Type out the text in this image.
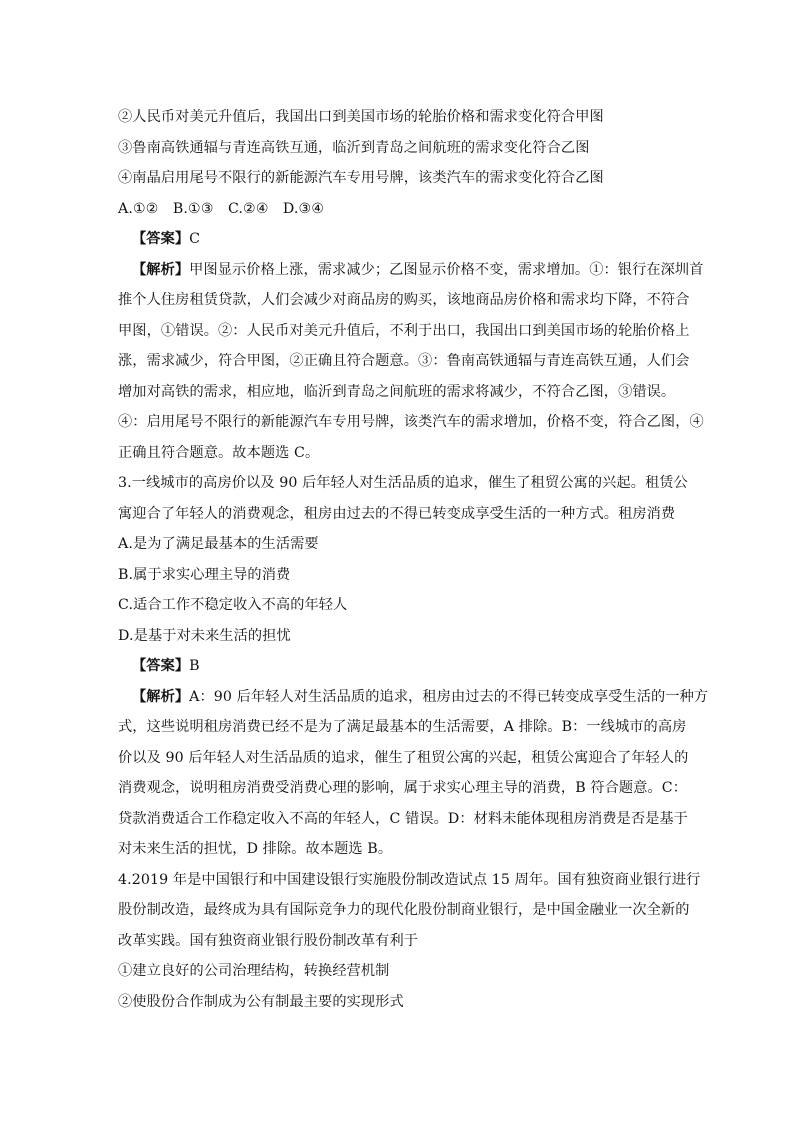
②人民币对美元升值后，我国出口到美国市场的轮胎价格和需求变化符合甲图
③鲁南高铁通辐与青连高铁互通，临沂到青岛之间航班的需求变化符合乙图
④南晶启用尾号不限行的新能源汽车专用号牌，该类汽车的需求变化符合乙图
A.①②　B.①③　C.②④　D.③④
【答案】C
【解析】甲图显示价格上涨，需求减少；乙图显示价格不变，需求增加。①：银行在深圳首
推个人住房租赁贷款，人们会减少对商品房的购买，该地商品房价格和需求均下降，不符合
甲图，①错误。②：人民币对美元升值后，不利于出口，我国出口到美国市场的轮胎价格上
涨，需求减少，符合甲图，②正确且符合题意。③：鲁南高铁通辐与青连高铁互通，人们会
增加对高铁的需求，相应地，临沂到青岛之间航班的需求将减少，不符合乙图，③错误。
④：启用尾号不限行的新能源汽车专用号牌，该类汽车的需求增加，价格不变，符合乙图，④
正确且符合题意。故本题选 C。
3.一线城市的高房价以及 90 后年轻人对生活品质的追求，催生了租贸公寓的兴起。租赁公
寓迎合了年轻人的消费观念，租房由过去的不得已转变成享受生活的一种方式。租房消费
A.是为了满足最基本的生活需要
B.属于求实心理主导的消费
C.适合工作不稳定收入不高的年轻人
D.是基于对未来生活的担忧
【答案】B
【解析】A：90 后年轻人对生活品质的追求，租房由过去的不得已转变成享受生活的一种方
式，这些说明租房消费已经不是为了满足最基本的生活需要，A 排除。B：一线城市的高房
价以及 90 后年轻人对生活品质的追求，催生了租贸公寓的兴起，租赁公寓迎合了年轻人的
消费观念，说明租房消费受消费心理的影响，属于求实心理主导的消费，B 符合题意。C：
贷款消费适合工作稳定收入不高的年轻人，C 错误。D：材料未能体现租房消费是否是基于
对未来生活的担忧，D 排除。故本题选 B。
4.2019 年是中国银行和中国建设银行实施股份制改造试点 15 周年。国有独资商业银行进行
股份制改造，最终成为具有国际竞争力的现代化股份制商业银行，是中国金融业一次全新的
改革实践。国有独资商业银行股份制改革有利于
①建立良好的公司治理结构，转换经营机制
②使股份合作制成为公有制最主要的实现形式
